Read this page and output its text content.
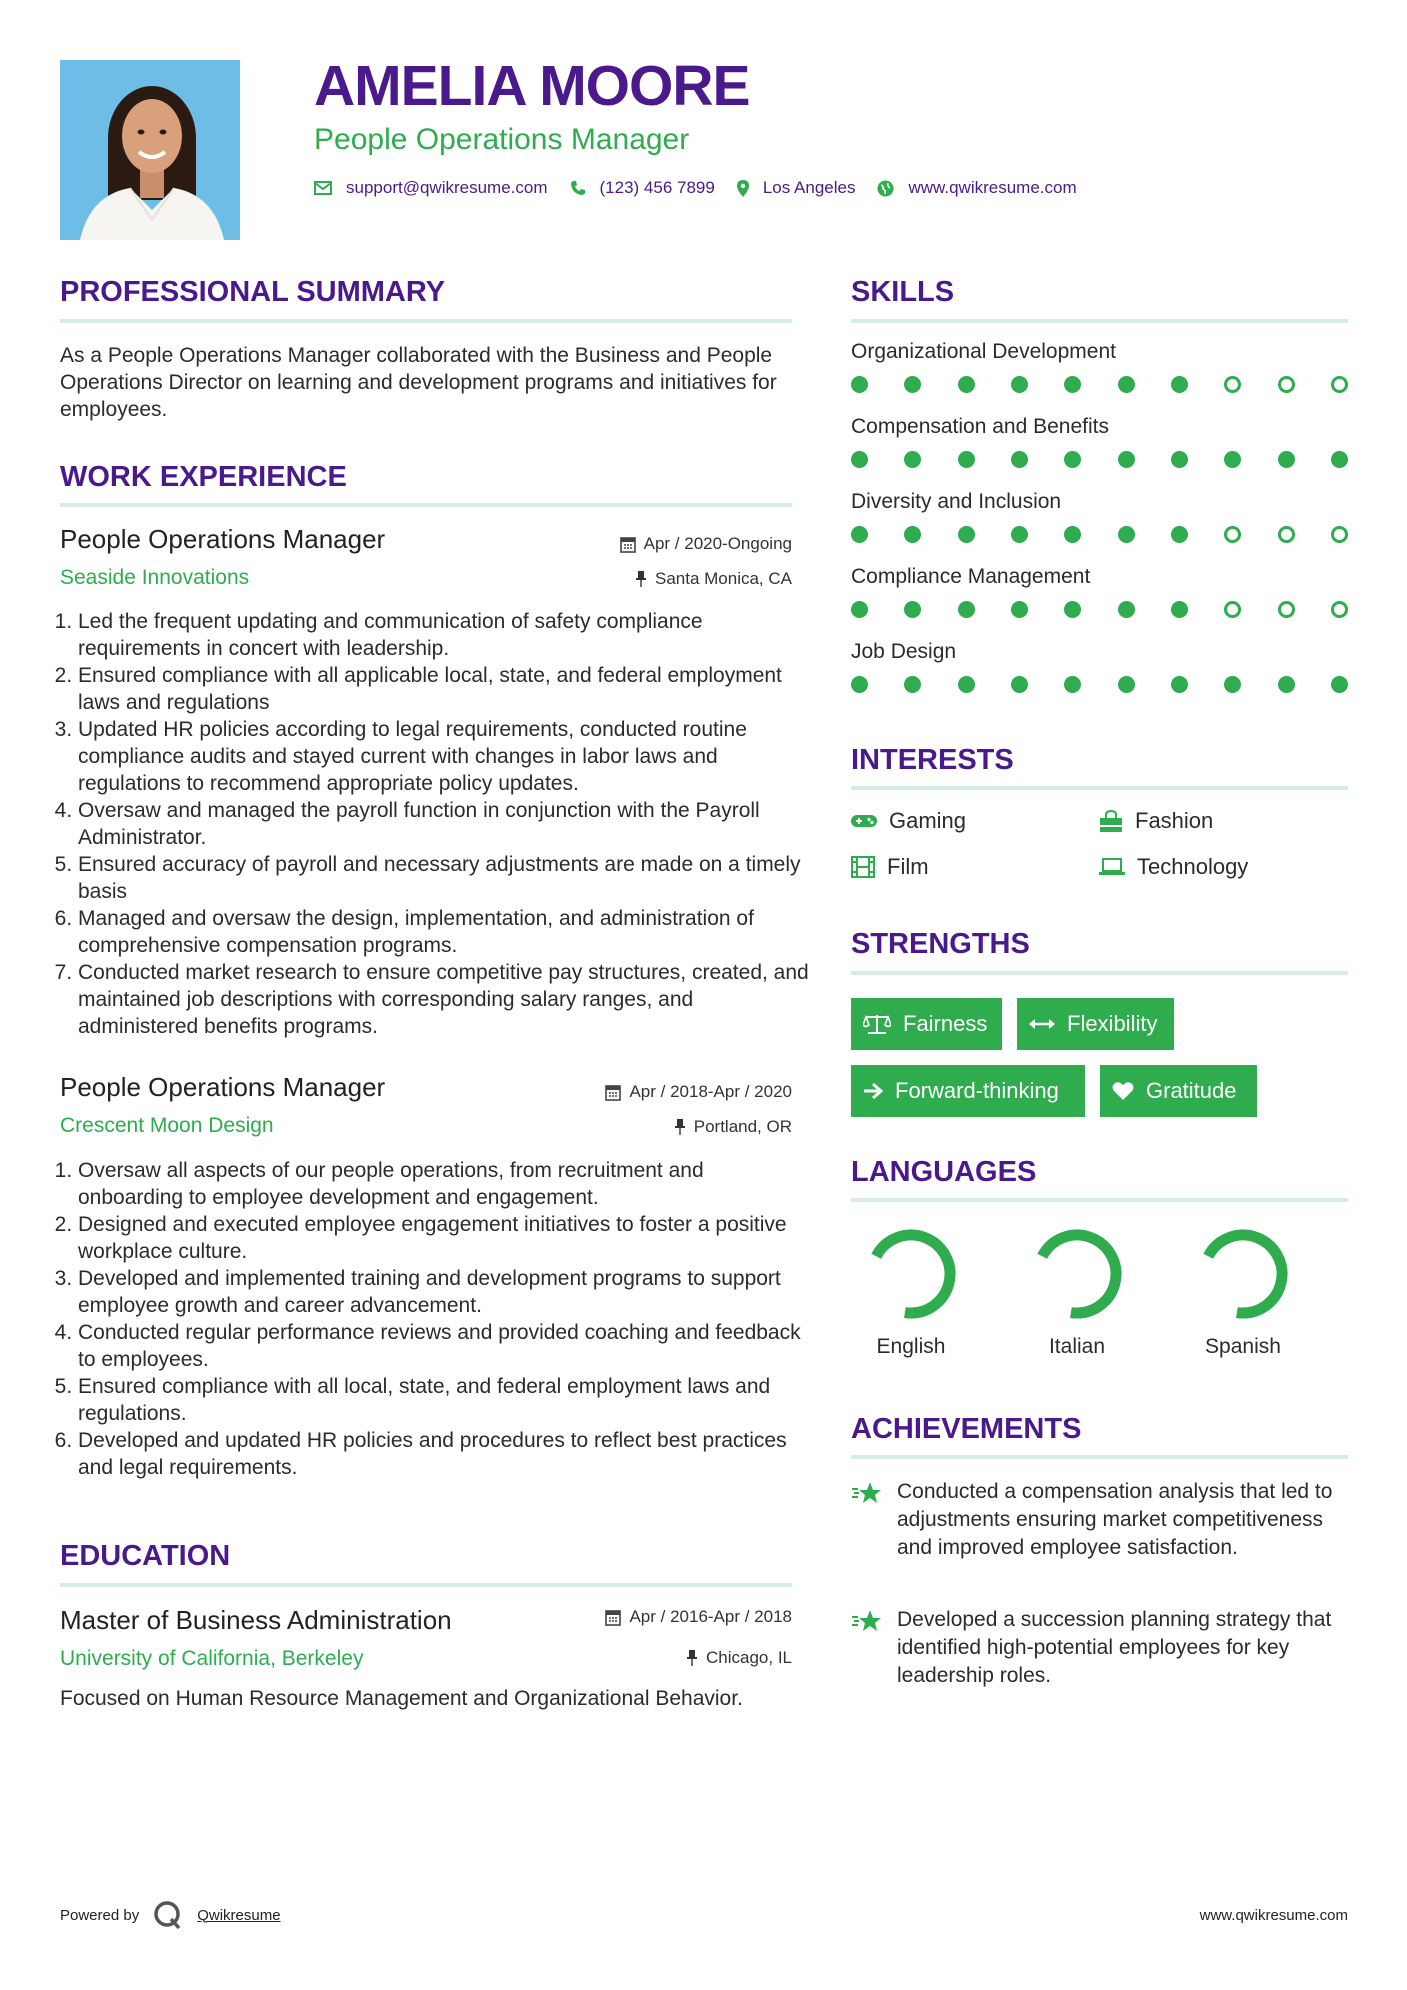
AMELIA MOORE
People Operations Manager
support@qwikresume.com	(123) 456 7899	Los Angeles	www.qwikresume.com
PROFESSIONAL SUMMARY
As a People Operations Manager collaborated with the Business and People Operations Director on learning and development programs and initiatives for employees.
WORK EXPERIENCE
People Operations Manager
Seaside Innovations
Apr / 2020-Ongoing
Santa Monica, CA
1. Led the frequent updating and communication of safety compliance requirements in concert with leadership.
2. Ensured compliance with all applicable local, state, and federal employment laws and regulations
3. Updated HR policies according to legal requirements, conducted routine compliance audits and stayed current with changes in labor laws and regulations to recommend appropriate policy updates.
4. Oversaw and managed the payroll function in conjunction with the Payroll Administrator.
5. Ensured accuracy of payroll and necessary adjustments are made on a timely basis
6. Managed and oversaw the design, implementation, and administration of comprehensive compensation programs.
7. Conducted market research to ensure competitive pay structures, created, and maintained job descriptions with corresponding salary ranges, and administered benefits programs.
People Operations Manager
Crescent Moon Design
Apr / 2018-Apr / 2020
Portland, OR
1. Oversaw all aspects of our people operations, from recruitment and onboarding to employee development and engagement.
2. Designed and executed employee engagement initiatives to foster a positive workplace culture.
3. Developed and implemented training and development programs to support employee growth and career advancement.
4. Conducted regular performance reviews and provided coaching and feedback to employees.
5. Ensured compliance with all local, state, and federal employment laws and regulations.
6. Developed and updated HR policies and procedures to reflect best practices and legal requirements.
EDUCATION
Master of Business Administration
University of California, Berkeley
Apr / 2016-Apr / 2018
Chicago, IL
Focused on Human Resource Management and Organizational Behavior.
SKILLS
Organizational Development
Compensation and Benefits
Diversity and Inclusion
Compliance Management
Job Design
INTERESTS
Gaming	Fashion
Film	Technology
STRENGTHS
Fairness	Flexibility
Forward-thinking	Gratitude
LANGUAGES
English	Italian	Spanish
ACHIEVEMENTS
Conducted a compensation analysis that led to adjustments ensuring market competitiveness and improved employee satisfaction.
Developed a succession planning strategy that identified high-potential employees for key leadership roles.
Powered by	Qwikresume	www.qwikresume.com
